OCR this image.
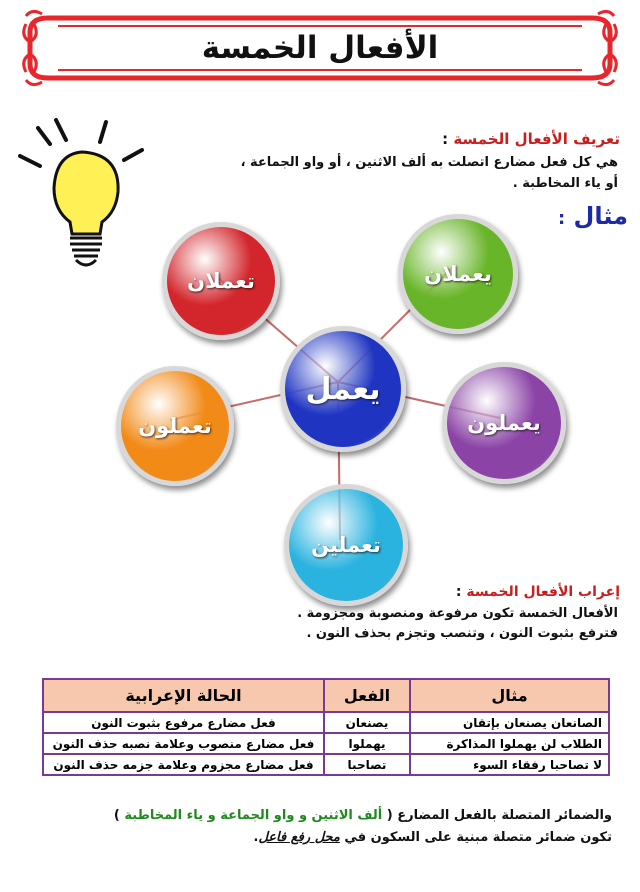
الأفعال الخمسة
تعريف الأفعال الخمسة :
هي كل فعل مضارع اتصلت به ألف الاثنين ، أو واو الجماعة ،
أو ياء المخاطبة .
مثال :
تعملان	يعملان
تعملون	يعملون
تعملين
يعمل
إعراب الأفعال الخمسة :
الأفعال الخمسة تكون مرفوعة ومنصوبة ومجزومة .
فترفع بثبوت النون ، وتنصب وتجزم بحذف النون .
مثال	الفعل	الحالة الإعرابية
الصانعان يصنعان بإتقان	يصنعان	فعل مضارع مرفوع بثبوت النون
الطلاب لن يهملوا المذاكرة	يهملوا	فعل مضارع منصوب وعلامة نصبه حذف النون
لا تصاحبا رفقاء السوء	تصاحبا	فعل مضارع مجزوم وعلامة جزمه حذف النون
والضمائر المتصلة بالفعل المضارع ( ألف الاثنين و واو الجماعة و ياء المخاطبة )
تكون ضمائر متصلة مبنية على السكون في محل رفع فاعل.
